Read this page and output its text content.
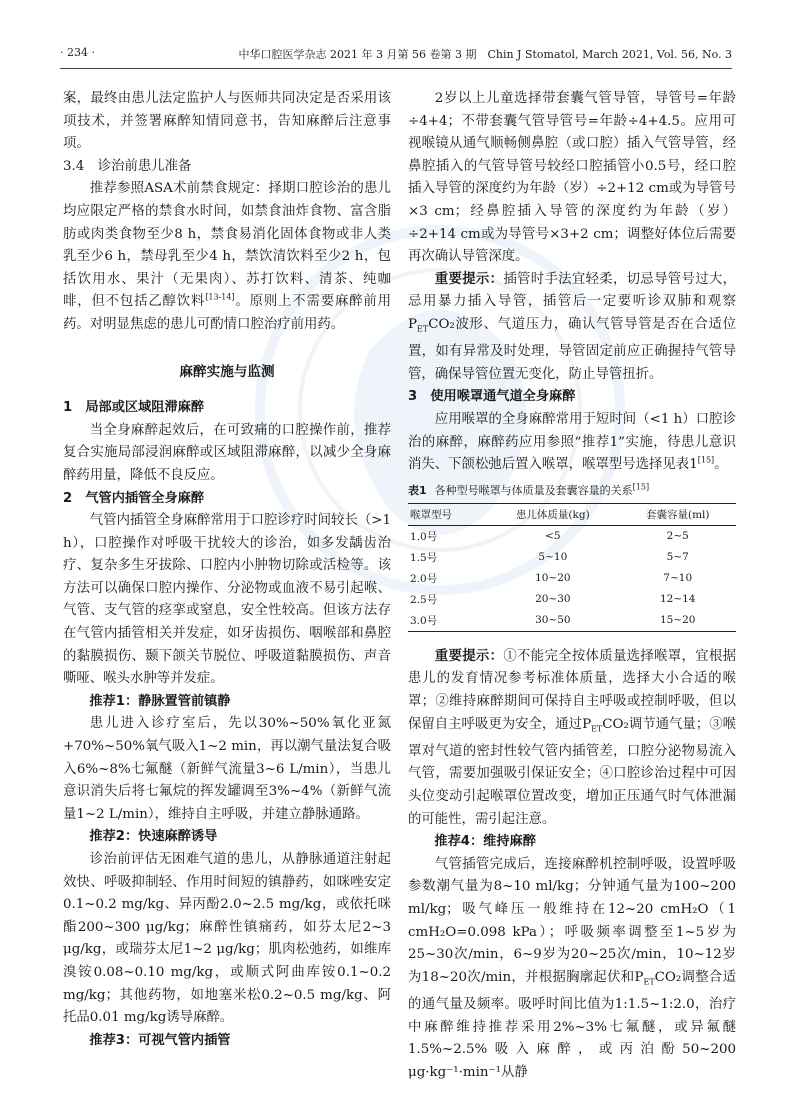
· 234 ·	中华口腔医学杂志 2021 年 3 月第 56 卷第 3 期　Chin J Stomatol, March 2021, Vol. 56, No. 3

案，最终由患儿法定监护人与医师共同决定是否采用该项技术，并签署麻醉知情同意书，告知麻醉后注意事项。

3.4　诊治前患儿准备

推荐参照ASA术前禁食规定：择期口腔诊治的患儿均应限定严格的禁食水时间，如禁食油炸食物、富含脂肪或肉类食物至少8 h，禁食易消化固体食物或非人类乳至少6 h，禁母乳至少4 h，禁饮清饮料至少2 h，包括饮用水、果汁（无果肉）、苏打饮料、清茶、纯咖啡，但不包括乙醇饮料[13‑14]。原则上不需要麻醉前用药。对明显焦虑的患儿可酌情口腔治疗前用药。

麻醉实施与监测

1　局部或区域阻滞麻醉

当全身麻醉起效后，在可致痛的口腔操作前，推荐复合实施局部浸润麻醉或区域阻滞麻醉，以减少全身麻醉药用量，降低不良反应。

2　气管内插管全身麻醉

气管内插管全身麻醉常用于口腔诊疗时间较长（>1 h），口腔操作对呼吸干扰较大的诊治，如多发龋齿治疗、复杂多生牙拔除、口腔内小肿物切除或活检等。该方法可以确保口腔内操作、分泌物或血液不易引起喉、气管、支气管的痉挛或窒息，安全性较高。但该方法存在气管内插管相关并发症，如牙齿损伤、咽喉部和鼻腔的黏膜损伤、颞下颌关节脱位、呼吸道黏膜损伤、声音嘶哑、喉头水肿等并发症。

推荐1：静脉置管前镇静

患儿进入诊疗室后，先以30%~50%氧化亚氮+70%~50%氧气吸入1~2 min，再以潮气量法复合吸入6%~8%七氟醚（新鲜气流量3~6 L/min），当患儿意识消失后将七氟烷的挥发罐调至3%~4%（新鲜气流量1~2 L/min），维持自主呼吸，并建立静脉通路。

推荐2：快速麻醉诱导

诊治前评估无困难气道的患儿，从静脉通道注射起效快、呼吸抑制轻、作用时间短的镇静药，如咪唑安定0.1~0.2 mg/kg、异丙酚2.0~2.5 mg/kg，或依托咪酯200~300 μg/kg；麻醉性镇痛药，如芬太尼2~3 μg/kg，或瑞芬太尼1~2 μg/kg；肌肉松弛药，如维库溴铵0.08~0.10 mg/kg，或顺式阿曲库铵0.1~0.2 mg/kg；其他药物，如地塞米松0.2~0.5 mg/kg、阿托品0.01 mg/kg诱导麻醉。

推荐3：可视气管内插管

2岁以上儿童选择带套囊气管导管，导管号=年龄÷4+4；不带套囊气管导管号=年龄÷4+4.5。应用可视喉镜从通气顺畅侧鼻腔（或口腔）插入气管导管，经鼻腔插入的气管导管号较经口腔插管小0.5号，经口腔插入导管的深度约为年龄（岁）÷2+12 cm或为导管号×3 cm；经鼻腔插入导管的深度约为年龄（岁）÷2+14 cm或为导管号×3+2 cm；调整好体位后需要再次确认导管深度。

重要提示：插管时手法宜轻柔，切忌导管号过大，忌用暴力插入导管，插管后一定要听诊双肺和观察$P_{ET}CO_2$波形、气道压力，确认气管导管是否在合适位置，如有异常及时处理，导管固定前应正确握持气管导管，确保导管位置无变化，防止导管扭折。

3　使用喉罩通气道全身麻醉

应用喉罩的全身麻醉常用于短时间（<1 h）口腔诊治的麻醉，麻醉药应用参照“推荐1”实施，待患儿意识消失、下颌松弛后置入喉罩，喉罩型号选择见表1[15]。

表1 各种型号喉罩与体质量及套囊容量的关系[15]
喉罩型号	患儿体质量(kg)	套囊容量(ml)
1.0号	<5	2~5
1.5号	5~10	5~7
2.0号	10~20	7~10
2.5号	20~30	12~14
3.0号	30~50	15~20

重要提示：①不能完全按体质量选择喉罩，宜根据患儿的发育情况参考标准体质量，选择大小合适的喉罩；②维持麻醉期间可保持自主呼吸或控制呼吸，但以保留自主呼吸更为安全，通过$P_{ET}CO_2$调节通气量；③喉罩对气道的密封性较气管内插管差，口腔分泌物易流入气管，需要加强吸引保证安全；④口腔诊治过程中可因头位变动引起喉罩位置改变，增加正压通气时气体泄漏的可能性，需引起注意。

推荐4：维持麻醉

气管插管完成后，连接麻醉机控制呼吸，设置呼吸参数潮气量为8~10 ml/kg；分钟通气量为100~200 ml/kg；吸气峰压一般维持在12~20 cmH₂O（1 cmH₂O=0.098 kPa）；呼吸频率调整至1~5岁为25~30次/min，6~9岁为20~25次/min，10~12岁为18~20次/min，并根据胸廓起伏和$P_{ET}CO_2$调整合适的通气量及频率。吸呼时间比值为1:1.5~1:2.0，治疗中麻醉维持推荐采用2%~3%七氟醚，或异氟醚1.5%~2.5%吸入麻醉，或丙泊酚50~200 μg·kg⁻¹·min⁻¹从静
